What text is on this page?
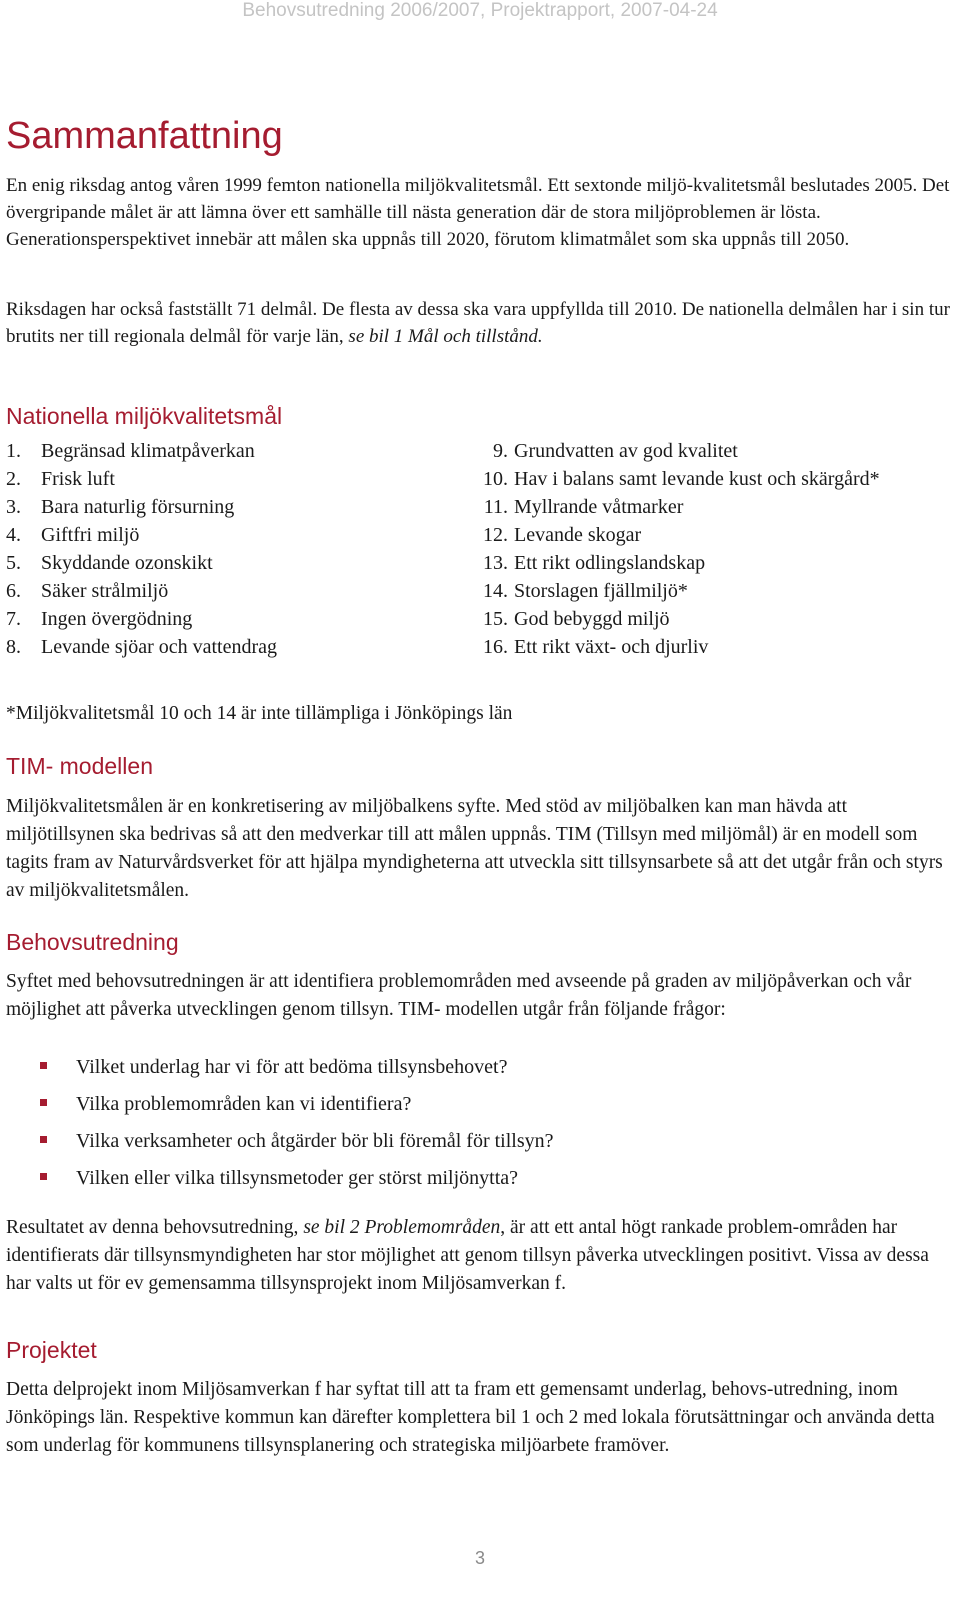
Behovsutredning 2006/2007, Projektrapport, 2007-04-24
Sammanfattning

En enig riksdag antog våren 1999 femton nationella miljökvalitetsmål. Ett sextonde miljö-kvalitetsmål beslutades 2005. Det övergripande målet är att lämna över ett samhälle till nästa generation där de stora miljöproblemen är lösta. Generationsperspektivet innebär att målen ska uppnås till 2020, förutom klimatmålet som ska uppnås till 2050.

Riksdagen har också fastställt 71 delmål. De flesta av dessa ska vara uppfyllda till 2010. De nationella delmålen har i sin tur brutits ner till regionala delmål för varje län, se bil 1 Mål och tillstånd.

Nationella miljökvalitetsmål
1.	Begränsad klimatpåverkan
2.	Frisk luft
3.	Bara naturlig försurning
4.	Giftfri miljö
5.	Skyddande ozonskikt
6.	Säker strålmiljö
7.	Ingen övergödning
8.	Levande sjöar och vattendrag
9. Grundvatten av god kvalitet
10. Hav i balans samt levande kust och skärgård*
11. Myllrande våtmarker
12. Levande skogar
13. Ett rikt odlingslandskap
14. Storslagen fjällmiljö*
15. God bebyggd miljö
16. Ett rikt växt- och djurliv
*Miljökvalitetsmål 10 och 14 är inte tillämpliga i Jönköpings län
TIM- modellen

Miljökvalitetsmålen är en konkretisering av miljöbalkens syfte. Med stöd av miljöbalken kan man hävda att miljötillsynen ska bedrivas så att den medverkar till att målen uppnås. TIM (Tillsyn med miljömål) är en modell som tagits fram av Naturvårdsverket för att hjälpa myndigheterna att utveckla sitt tillsynsarbete så att det utgår från och styrs av miljökvalitetsmålen.

Behovsutredning

Syftet med behovsutredningen är att identifiera problemområden med avseende på graden av miljöpåverkan och vår möjlighet att påverka utvecklingen genom tillsyn. TIM- modellen utgår från följande frågor:

Vilket underlag har vi för att bedöma tillsynsbehovet?
Vilka problemområden kan vi identifiera?
Vilka verksamheter och åtgärder bör bli föremål för tillsyn?
Vilken eller vilka tillsynsmetoder ger störst miljönytta?

Resultatet av denna behovsutredning, se bil 2 Problemområden, är att ett antal högt rankade problem-områden har identifierats där tillsynsmyndigheten har stor möjlighet att genom tillsyn påverka utvecklingen positivt. Vissa av dessa har valts ut för ev gemensamma tillsynsprojekt inom Miljösamverkan f.

Projektet

Detta delprojekt inom Miljösamverkan f har syftat till att ta fram ett gemensamt underlag, behovs-utredning, inom Jönköpings län. Respektive kommun kan därefter komplettera bil 1 och 2 med lokala förutsättningar och använda detta som underlag för kommunens tillsynsplanering och strategiska miljöarbete framöver.

3
